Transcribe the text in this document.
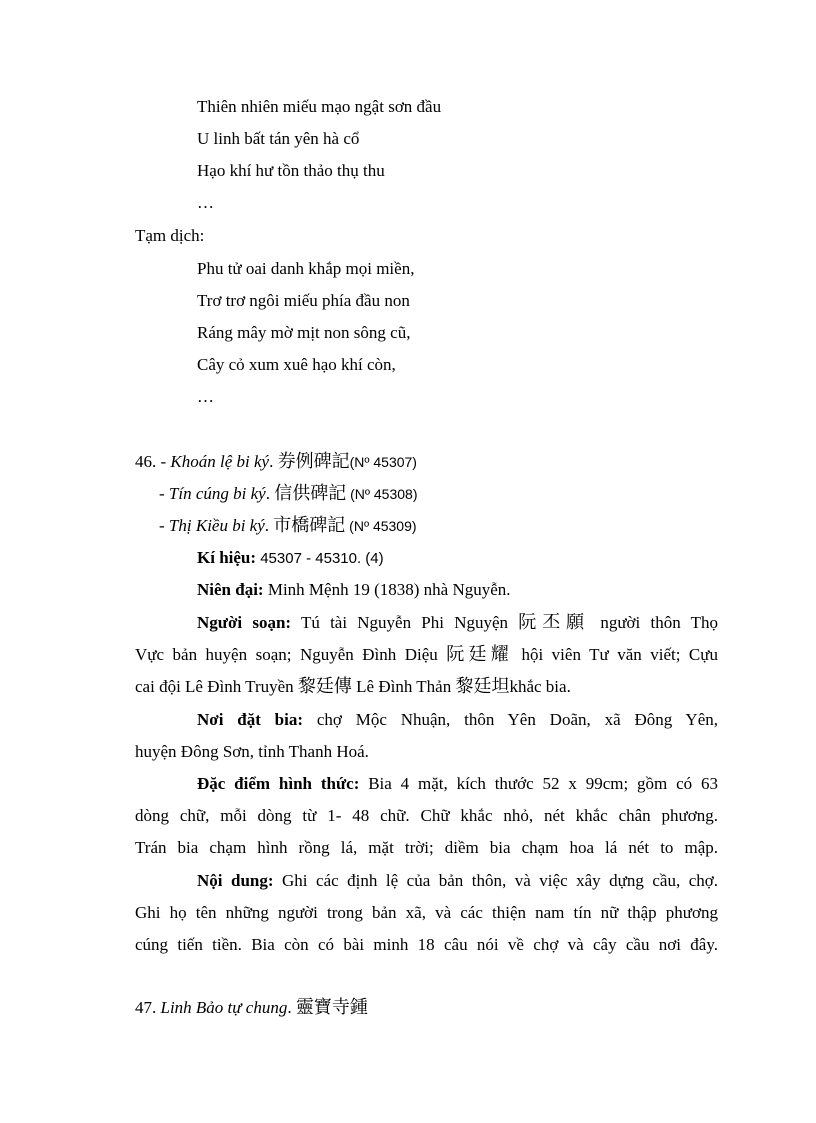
Thiên nhiên miếu mạo ngật sơn đầu
U linh bất tán yên hà cổ
Hạo khí hư tồn thảo thụ thu
…
Tạm dịch:
Phu tử oai danh khắp mọi miền,
Trơ trơ ngôi miếu phía đầu non
Ráng mây mờ mịt non sông cũ,
Cây cỏ xum xuê hạo khí còn,
…
46. - Khoán lệ bi ký. 券例碑記(Nº 45307)
- Tín cúng bi ký. 信供碑記 (Nº 45308)
- Thị Kiều bi ký. 市橋碑記 (Nº 45309)
Kí hiệu: 45307 - 45310. (4)
Niên đại: Minh Mệnh 19 (1838) nhà Nguyễn.
Người soạn: Tú tài Nguyễn Phi Nguyện 阮丕願 người thôn Thọ
Vực bản huyện soạn; Nguyễn Đình Diệu 阮廷耀 hội viên Tư văn viết; Cựu
cai đội Lê Đình Truyền 黎廷傳 Lê Đình Thản 黎廷坦khắc bia.
Nơi đặt bia: chợ Mộc Nhuận, thôn Yên Doãn, xã Đông Yên,
huyện Đông Sơn, tỉnh Thanh Hoá.
Đặc điểm hình thức: Bia 4 mặt, kích thước 52 x 99cm; gồm có 63
dòng chữ, mỗi dòng từ 1- 48 chữ. Chữ khắc nhỏ, nét khắc chân phương.
Trán bia chạm hình rồng lá, mặt trời; diềm bia chạm hoa lá nét to mập.
Nội dung: Ghi các định lệ của bản thôn, và việc xây dựng cầu, chợ.
Ghi họ tên những người trong bản xã, và các thiện nam tín nữ thập phương
cúng tiến tiền. Bia còn có bài minh 18 câu nói về chợ và cây cầu nơi đây.
47. Linh Bảo tự chung. 靈寶寺鍾
